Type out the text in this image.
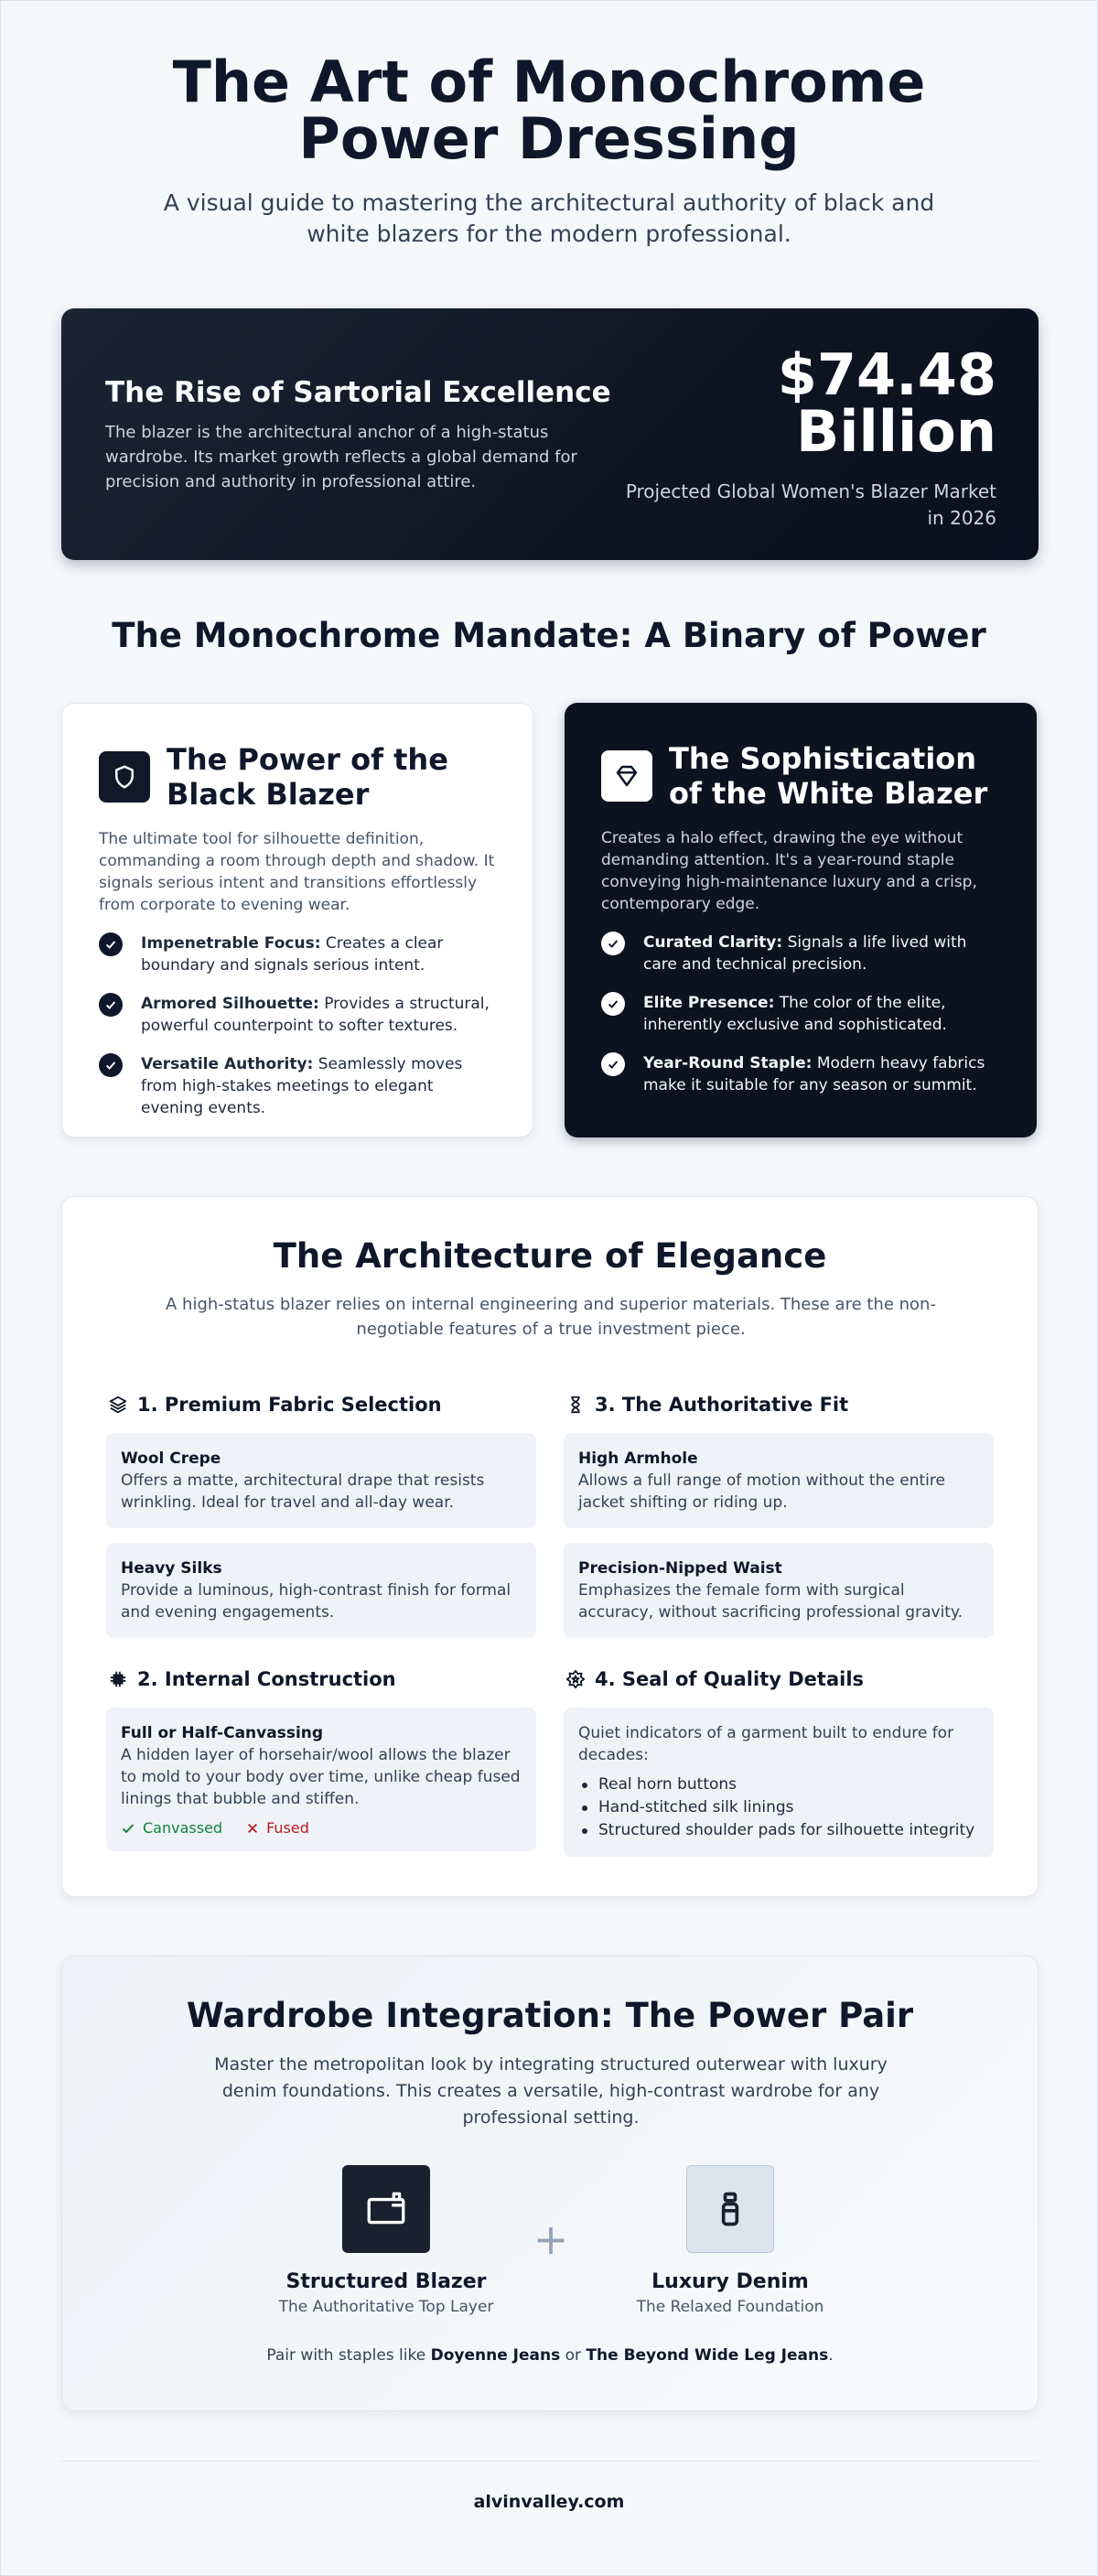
The Art of Monochrome Power Dressing

A visual guide to mastering the architectural authority of black and white blazers for the modern professional.

The Rise of Sartorial Excellence

The blazer is the architectural anchor of a high-status wardrobe. Its market growth reflects a global demand for precision and authority in professional attire.

$74.48 Billion
Projected Global Women's Blazer Market in 2026
The Monochrome Mandate: A Binary of Power
The Power of the Black Blazer

The ultimate tool for silhouette definition, commanding a room through depth and shadow. It signals serious intent and transitions effortlessly from corporate to evening wear.

Impenetrable Focus: Creates a clear boundary and signals serious intent.
Armored Silhouette: Provides a structural, powerful counterpoint to softer textures.
Versatile Authority: Seamlessly moves from high-stakes meetings to elegant evening events.
The Sophistication of the White Blazer

Creates a halo effect, drawing the eye without demanding attention. It's a year-round staple conveying high-maintenance luxury and a crisp, contemporary edge.

Curated Clarity: Signals a life lived with care and technical precision.
Elite Presence: The color of the elite, inherently exclusive and sophisticated.
Year-Round Staple: Modern heavy fabrics make it suitable for any season or summit.
The Architecture of Elegance

A high-status blazer relies on internal engineering and superior materials. These are the non-negotiable features of a true investment piece.

1. Premium Fabric Selection
Wool Crepe
Offers a matte, architectural drape that resists wrinkling. Ideal for travel and all-day wear.
Heavy Silks
Provide a luminous, high-contrast finish for formal and evening engagements.
3. The Authoritative Fit
High Armhole
Allows a full range of motion without the entire jacket shifting or riding up.
Precision-Nipped Waist
Emphasizes the female form with surgical accuracy, without sacrificing professional gravity.
2. Internal Construction
Full or Half-Canvassing
A hidden layer of horsehair/wool allows the blazer to mold to your body over time, unlike cheap fused linings that bubble and stiffen.
Canvassed	Fused
4. Seal of Quality Details
Quiet indicators of a garment built to endure for decades:
Real horn buttons
Hand-stitched silk linings
Structured shoulder pads for silhouette integrity
Wardrobe Integration: The Power Pair

Master the metropolitan look by integrating structured outerwear with luxury denim foundations. This creates a versatile, high-contrast wardrobe for any professional setting.

Structured Blazer
The Authoritative Top Layer
+
Luxury Denim
The Relaxed Foundation

Pair with staples like Doyenne Jeans or The Beyond Wide Leg Jeans.

alvinvalley.com
